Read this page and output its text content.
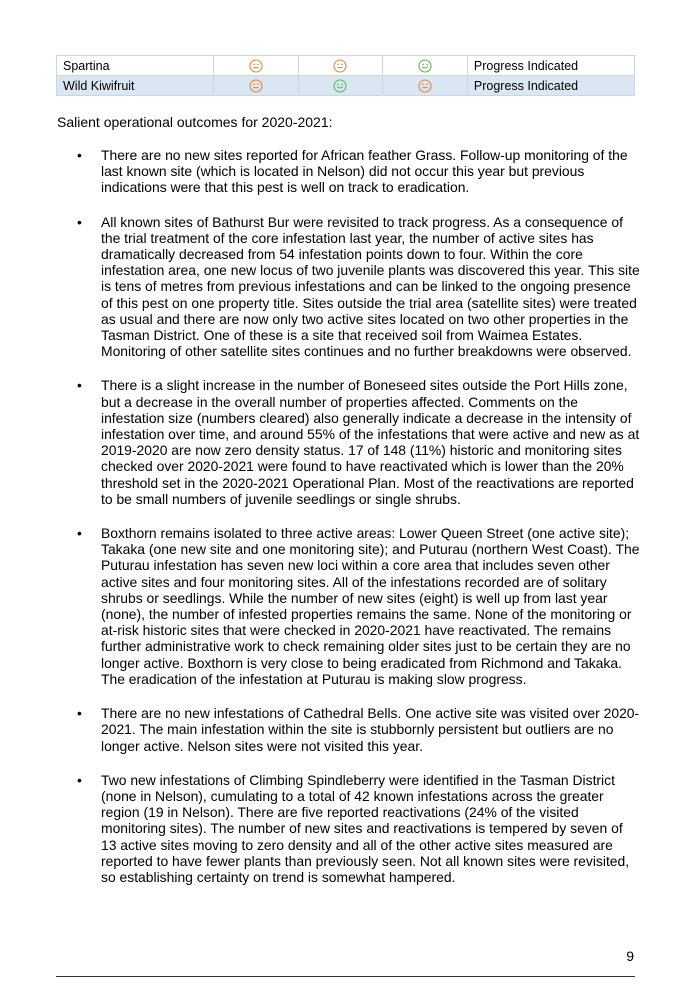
Spartina				Progress Indicated
Wild Kiwifruit				Progress Indicated
Salient operational outcomes for 2020-2021:
• There are no new sites reported for African feather Grass. Follow-up monitoring of the last known site (which is located in Nelson) did not occur this year but previous indications were that this pest is well on track to eradication.
• All known sites of Bathurst Bur were revisited to track progress. As a consequence of the trial treatment of the core infestation last year, the number of active sites has dramatically decreased from 54 infestation points down to four. Within the core infestation area, one new locus of two juvenile plants was discovered this year. This site is tens of metres from previous infestations and can be linked to the ongoing presence of this pest on one property title. Sites outside the trial area (satellite sites) were treated as usual and there are now only two active sites located on two other properties in the Tasman District. One of these is a site that received soil from Waimea Estates. Monitoring of other satellite sites continues and no further breakdowns were observed.
• There is a slight increase in the number of Boneseed sites outside the Port Hills zone, but a decrease in the overall number of properties affected. Comments on the infestation size (numbers cleared) also generally indicate a decrease in the intensity of infestation over time, and around 55% of the infestations that were active and new as at 2019-2020 are now zero density status. 17 of 148 (11%) historic and monitoring sites checked over 2020-2021 were found to have reactivated which is lower than the 20% threshold set in the 2020-2021 Operational Plan. Most of the reactivations are reported to be small numbers of juvenile seedlings or single shrubs.
• Boxthorn remains isolated to three active areas: Lower Queen Street (one active site); Takaka (one new site and one monitoring site); and Puturau (northern West Coast). The Puturau infestation has seven new loci within a core area that includes seven other active sites and four monitoring sites. All of the infestations recorded are of solitary shrubs or seedlings. While the number of new sites (eight) is well up from last year (none), the number of infested properties remains the same. None of the monitoring or at-risk historic sites that were checked in 2020-2021 have reactivated. The remains further administrative work to check remaining older sites just to be certain they are no longer active. Boxthorn is very close to being eradicated from Richmond and Takaka. The eradication of the infestation at Puturau is making slow progress.
• There are no new infestations of Cathedral Bells. One active site was visited over 2020-2021. The main infestation within the site is stubbornly persistent but outliers are no longer active. Nelson sites were not visited this year.
• Two new infestations of Climbing Spindleberry were identified in the Tasman District (none in Nelson), cumulating to a total of 42 known infestations across the greater region (19 in Nelson). There are five reported reactivations (24% of the visited monitoring sites). The number of new sites and reactivations is tempered by seven of 13 active sites moving to zero density and all of the other active sites measured are reported to have fewer plants than previously seen. Not all known sites were revisited, so establishing certainty on trend is somewhat hampered.
9
